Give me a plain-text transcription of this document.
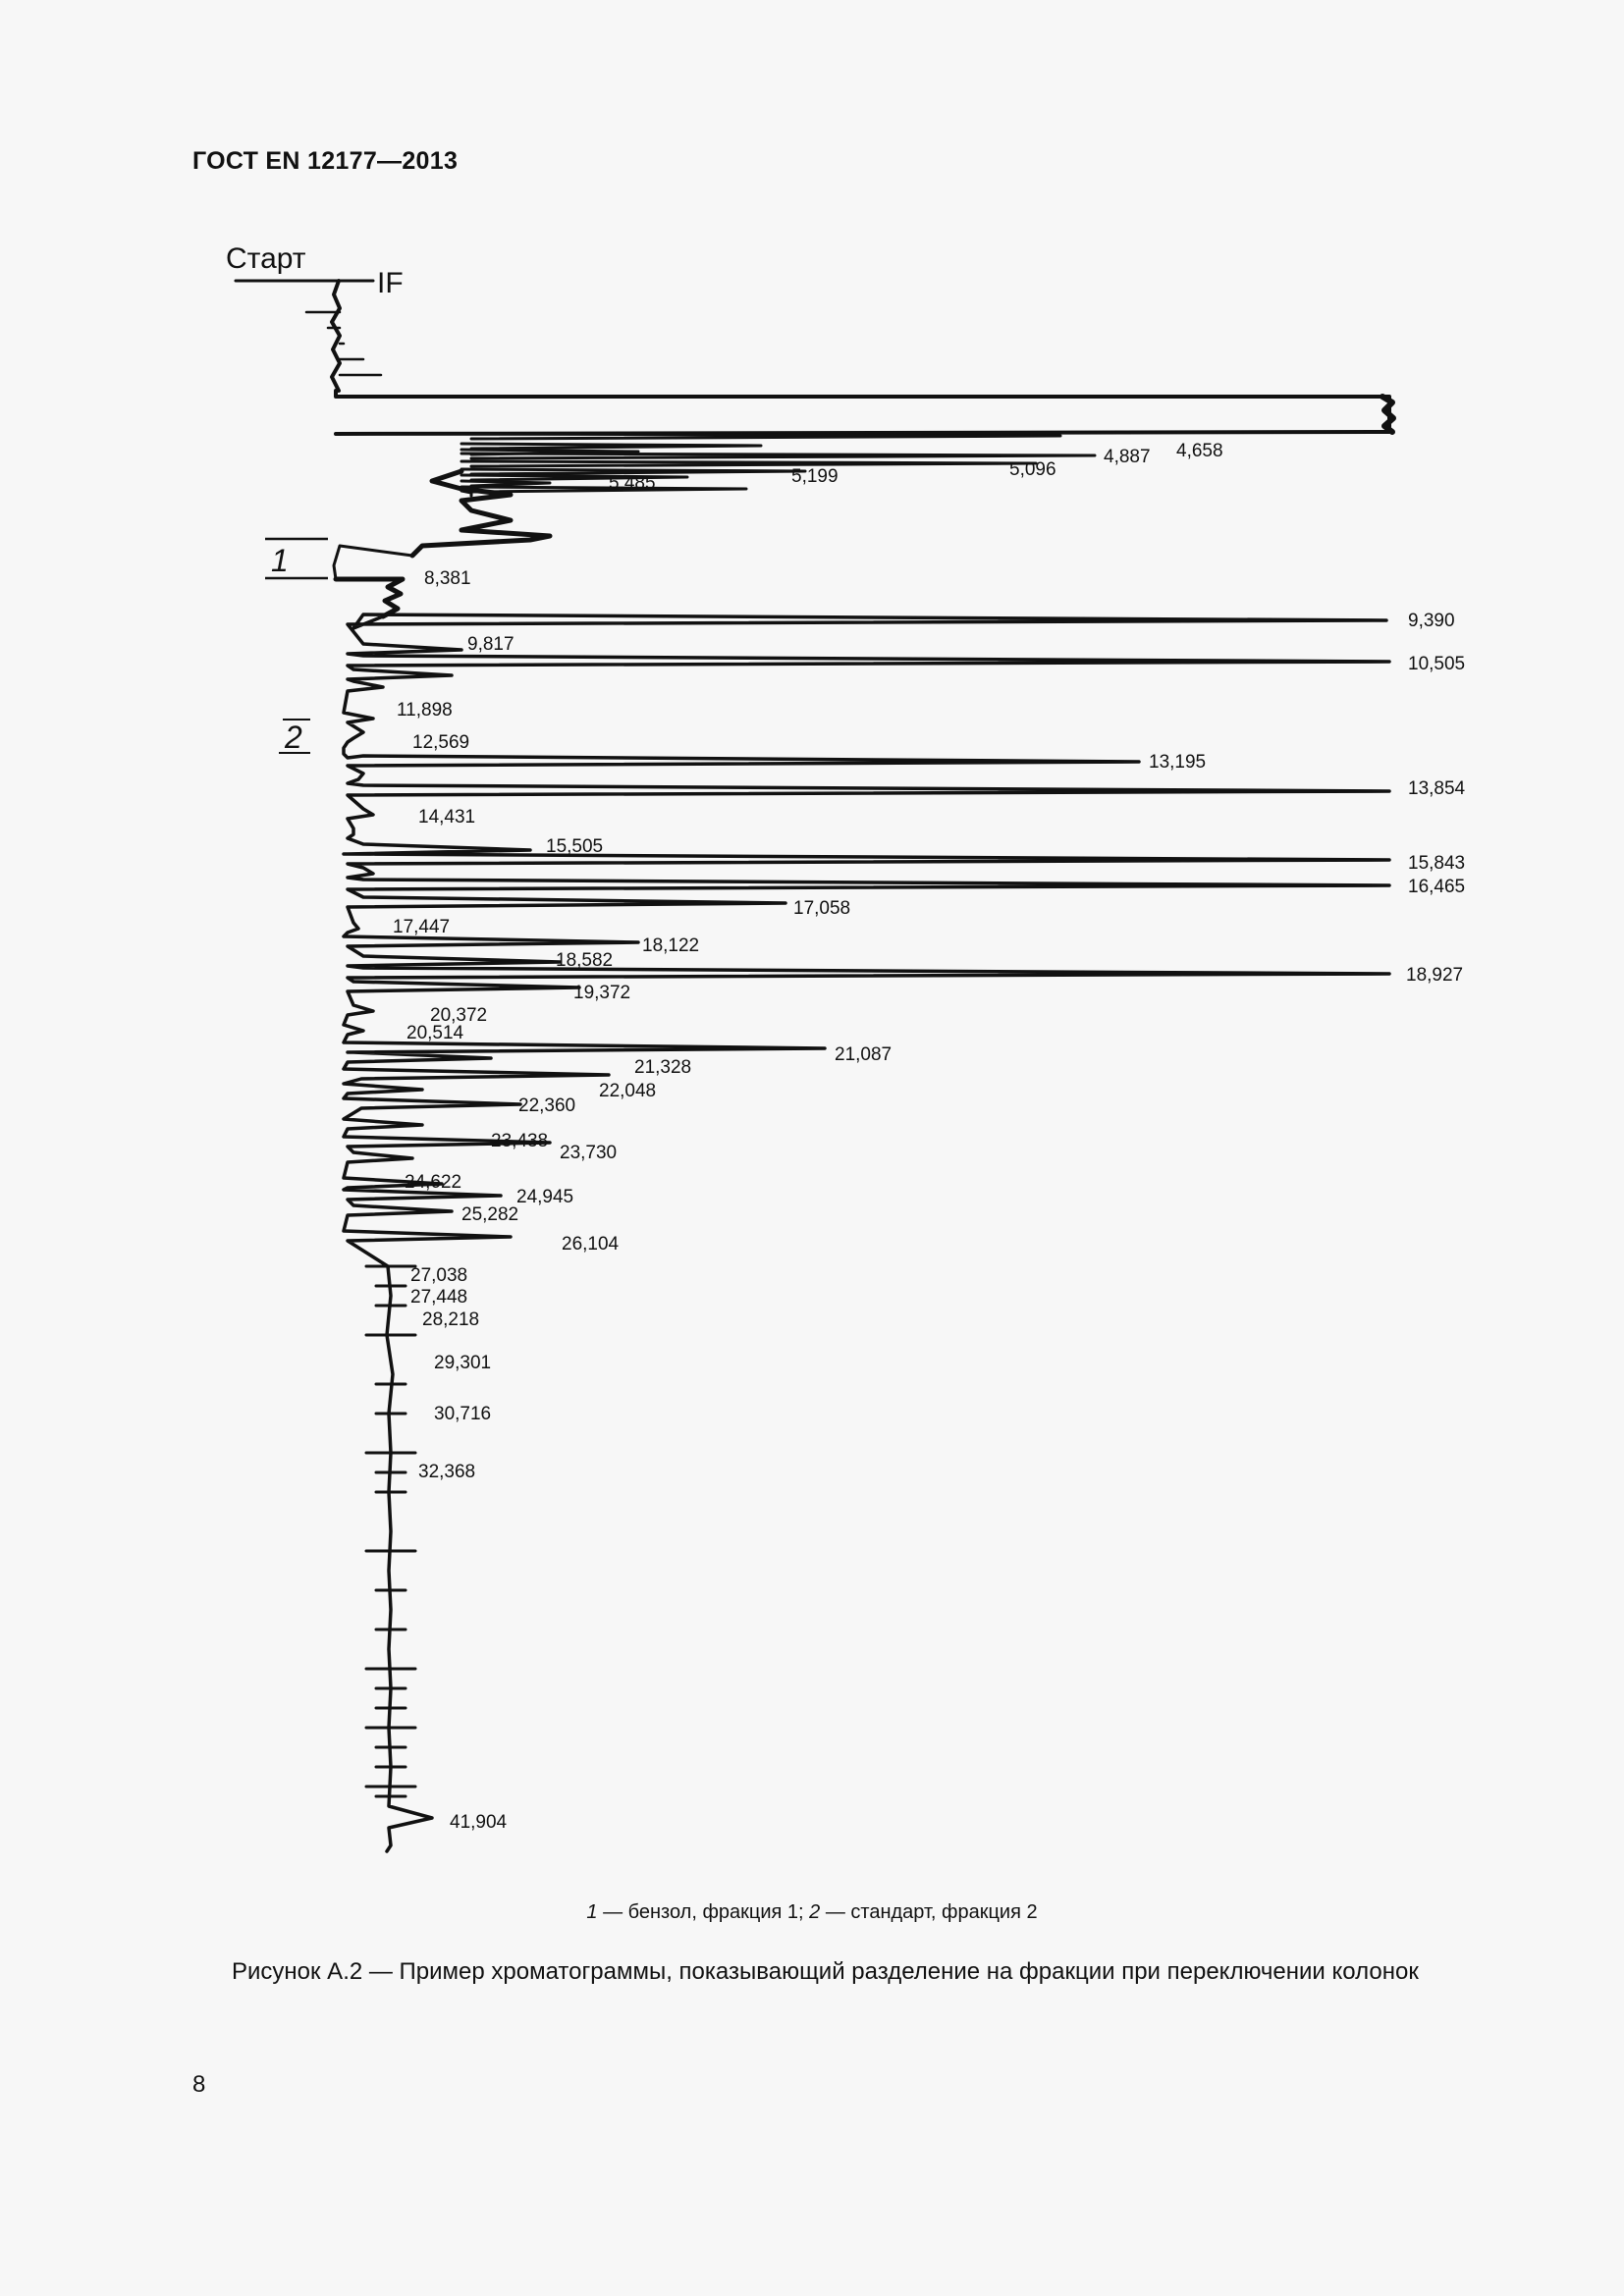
ГОСТ EN 12177—2013
4,658
4,887
5,096
5,199
5,485
8,381
9,390
9,817
10,505
11,898
12,569
13,195
13,854
14,431
15,505
15,843
16,465
17,058
17,447
18,122
18,582
18,927
19,372
20,372
20,514
21,087
21,328
22,048
22,360
23,438
23,730
24,622
24,945
25,282
26,104
27,038
27,448
28,218
29,301
30,716
32,368
41,904
Старт
IF
1
2
1 — бензол, фракция 1; 2 — стандарт, фракция 2
Рисунок А.2 — Пример хроматограммы, показывающий разделение на фракции при переключении колонок
8
